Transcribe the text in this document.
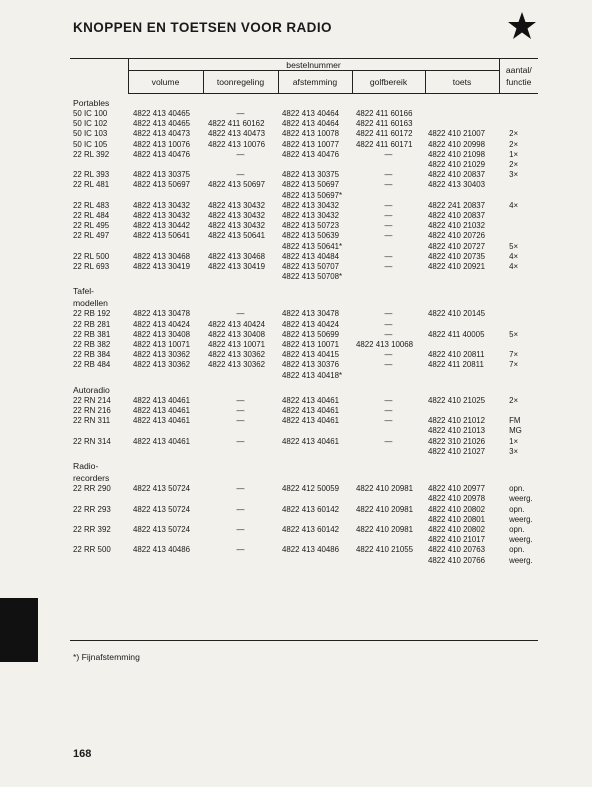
KNOPPEN EN TOETSEN VOOR RADIO
	bestelnummer					aantal/
functie
	volume	toonregeling	afstemming	golfbereik	toets	
Portables						
50 IC 100	4822 413 40465	—	4822 413 40464	4822 411 60166		
50 IC 102	4822 413 40465	4822 411 60162	4822 413 40464	4822 411 60163		
50 IC 103	4822 413 40473	4822 413 40473	4822 413 10078	4822 411 60172	4822 410 21007	2×
50 IC 105	4822 413 10076	4822 413 10076	4822 413 10077	4822 411 60171	4822 410 20998	2×
22 RL 392	4822 413 40476	—	4822 413 40476	—	4822 410 21098	1×
					4822 410 21029	2×
22 RL 393	4822 413 30375	—	4822 413 30375	—	4822 410 20837	3×
22 RL 481	4822 413 50697	4822 413 50697	4822 413 50697	—	4822 413 30403	
			4822 413 50697*			
22 RL 483	4822 413 30432	4822 413 30432	4822 413 30432	—	4822 241 20837	4×
22 RL 484	4822 413 30432	4822 413 30432	4822 413 30432	—	4822 410 20837	
22 RL 495	4822 413 30442	4822 413 30432	4822 413 50723	—	4822 410 21032	
22 RL 497	4822 413 50641	4822 413 50641	4822 413 50639	—	4822 410 20726	
			4822 413 50641*		4822 410 20727	5×
22 RL 500	4822 413 30468	4822 413 30468	4822 413 40484	—	4822 410 20735	4×
22 RL 693	4822 413 30419	4822 413 30419	4822 413 50707	—	4822 410 20921	4×
			4822 413 50708*			
Tafel-						
modellen						
22 RB 192	4822 413 30478	—	4822 413 30478	—	4822 410 20145	
22 RB 281	4822 413 40424	4822 413 40424	4822 413 40424	—		
22 RB 381	4822 413 30408	4822 413 30408	4822 413 50699	—	4822 411 40005	5×
22 RB 382	4822 413 10071	4822 413 10071	4822 413 10071	4822 413 10068		
22 RB 384	4822 413 30362	4822 413 30362	4822 413 40415	—	4822 410 20811	7×
22 RB 484	4822 413 30362	4822 413 30362	4822 413 30376	—	4822 411 20811	7×
			4822 413 40418*			
Autoradio						
22 RN 214	4822 413 40461	—	4822 413 40461	—	4822 410 21025	2×
22 RN 216	4822 413 40461	—	4822 413 40461	—		
22 RN 311	4822 413 40461	—	4822 413 40461	—	4822 410 21012	FM
					4822 410 21013	MG
22 RN 314	4822 413 40461	—	4822 413 40461	—	4822 310 21026	1×
					4822 410 21027	3×
Radio-						
recorders						
22 RR 290	4822 413 50724	—	4822 412 50059	4822 410 20981	4822 410 20977	opn.
					4822 410 20978	weerg.
22 RR 293	4822 413 50724	—	4822 413 60142	4822 410 20981	4822 410 20802	opn.
					4822 410 20801	weerg.
22 RR 392	4822 413 50724	—	4822 413 60142	4822 410 20981	4822 410 20802	opn.
					4822 410 21017	weerg.
22 RR 500	4822 413 40486	—	4822 413 40486	4822 410 21055	4822 410 20763	opn.
					4822 410 20766	weerg.
*) Fijnafstemming
168
